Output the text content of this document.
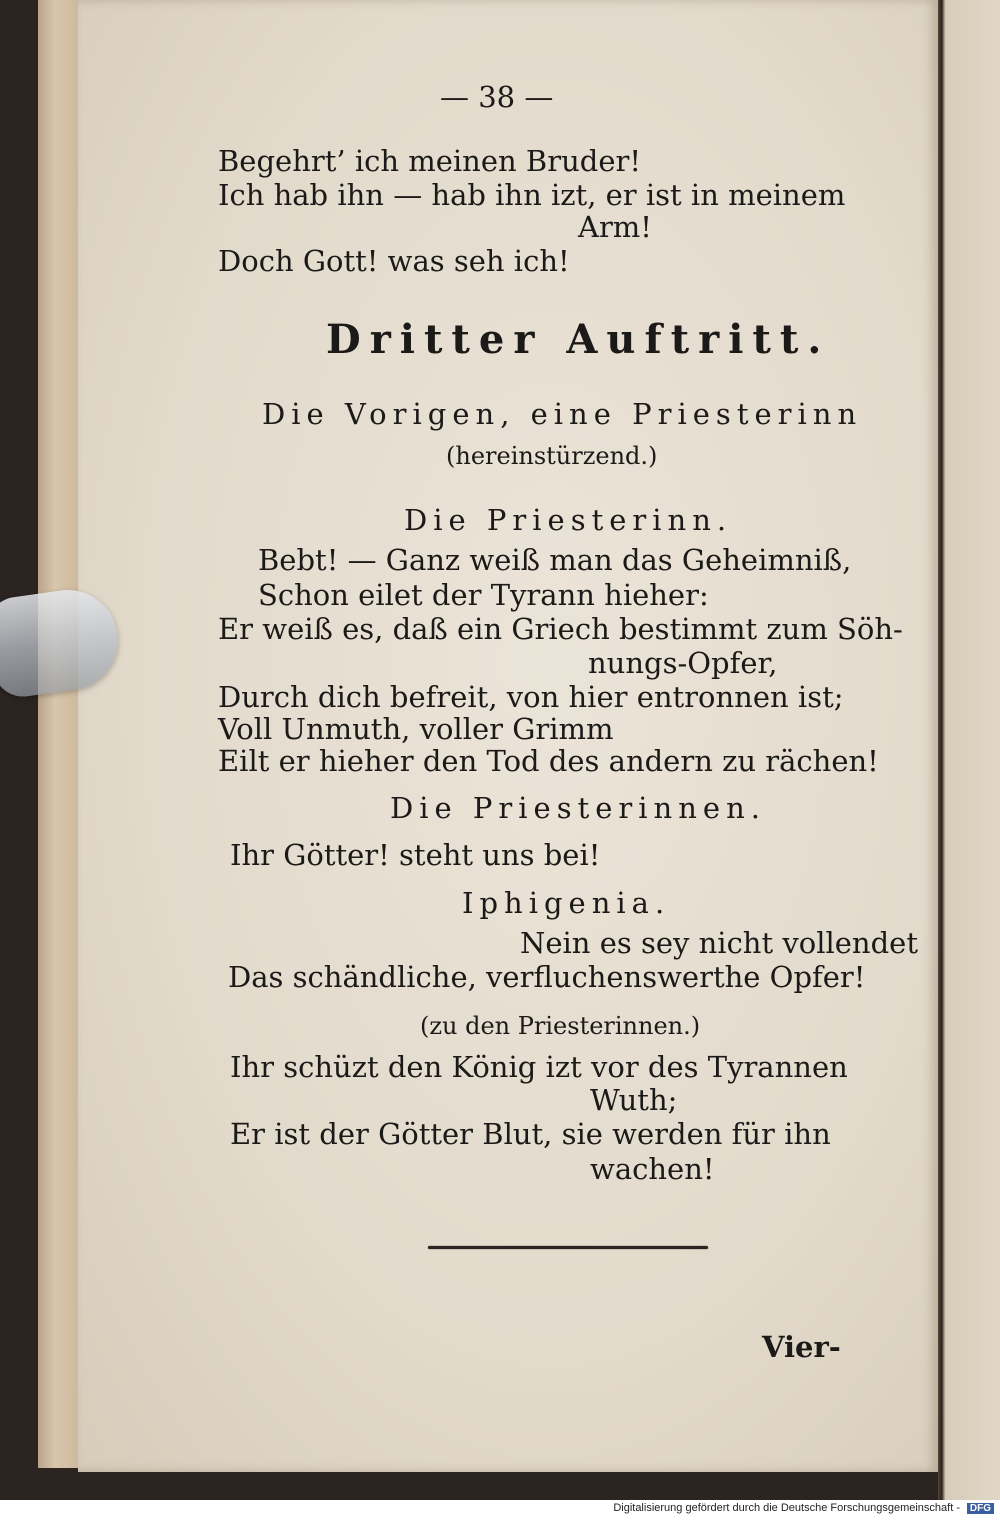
— 38 —
Begehrt’ ich meinen Bruder!
Ich hab ihn — hab ihn izt, er ist in meinem
Arm!
Doch Gott! was seh ich!
Dritter Auftritt.
Die Vorigen, eine Priesterinn
(hereinstürzend.)
Die Priesterinn.
Bebt! — Ganz weiß man das Geheimniß,
Schon eilet der Tyrann hieher:
Er weiß es, daß ein Griech bestimmt zum Söh-
nungs-Opfer,
Durch dich befreit, von hier entronnen ist;
Voll Unmuth, voller Grimm
Eilt er hieher den Tod des andern zu rächen!
Die Priesterinnen.
Ihr Götter! steht uns bei!
Iphigenia.
Nein es sey nicht vollendet
Das schändliche, verfluchenswerthe Opfer!
(zu den Priesterinnen.)
Ihr schüzt den König izt vor des Tyrannen
Wuth;
Er ist der Götter Blut, sie werden für ihn
wachen!
Vier-
Digitalisierung gefördert durch die Deutsche Forschungsgemeinschaft - DFG
